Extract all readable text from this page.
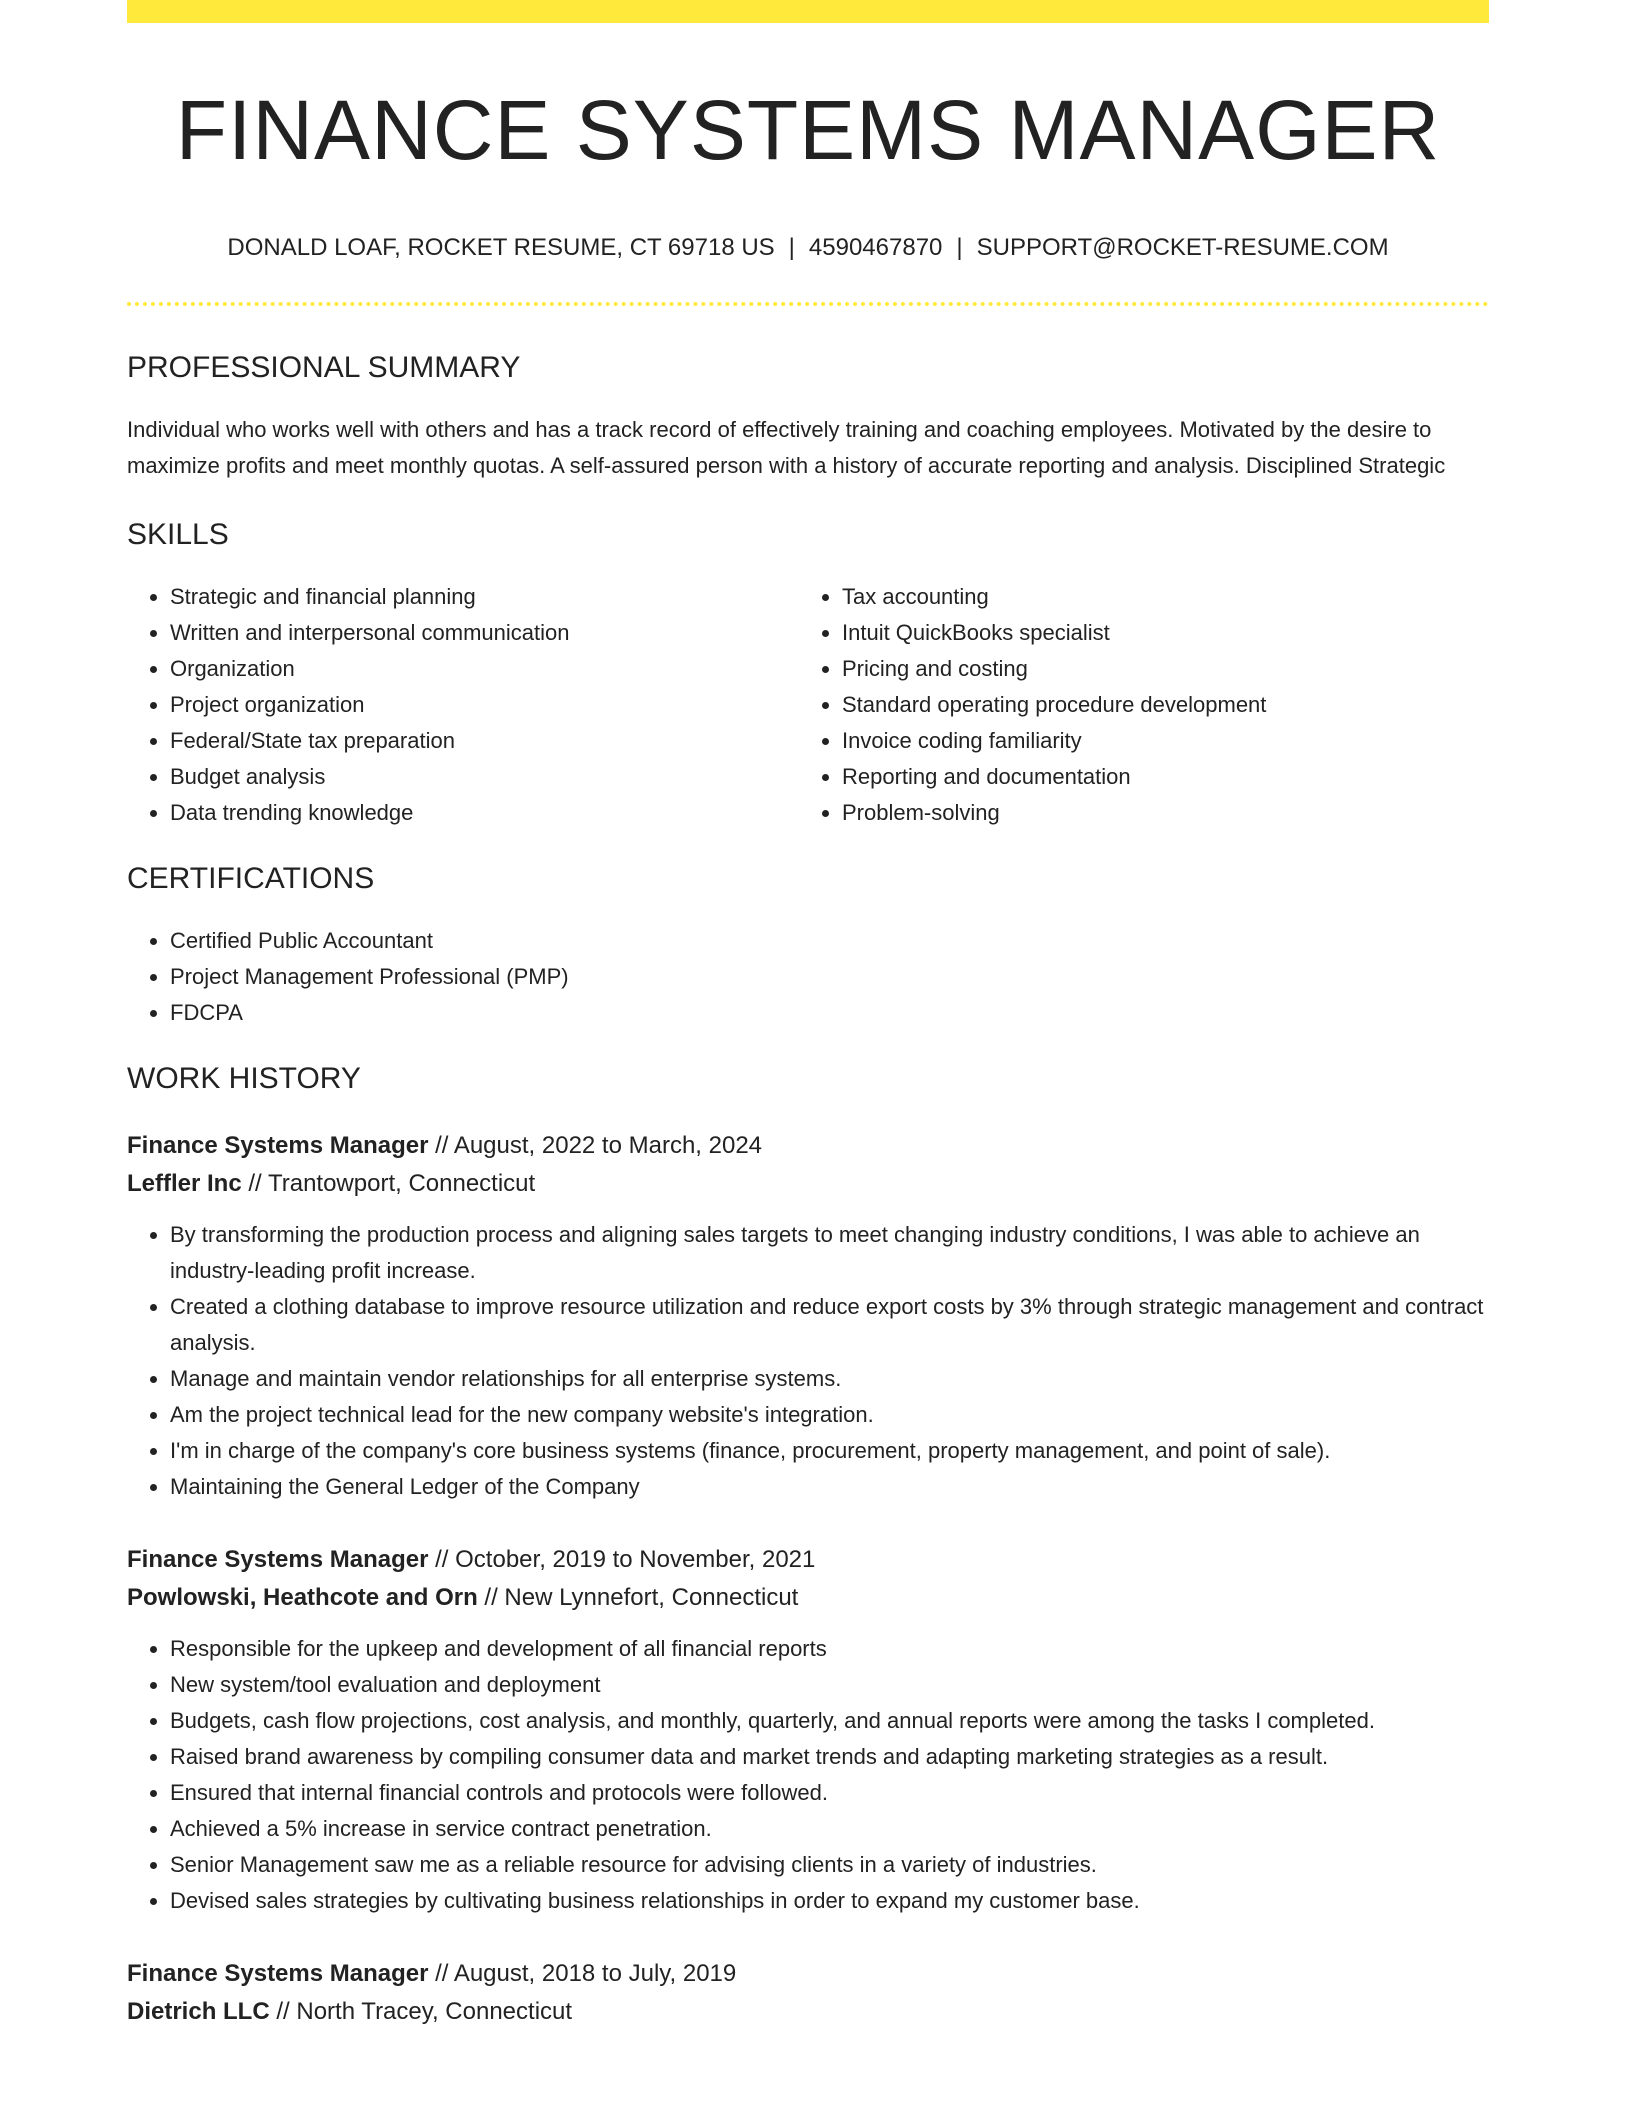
FINANCE SYSTEMS MANAGER
DONALD LOAF, ROCKET RESUME, CT 69718 US | 4590467870 | SUPPORT@ROCKET-RESUME.COM
PROFESSIONAL SUMMARY

Individual who works well with others and has a track record of effectively training and coaching employees. Motivated by the desire to maximize profits and meet monthly quotas. A self-assured person with a history of accurate reporting and analysis. Disciplined Strategic

SKILLS
• Strategic and financial planning
• Written and interpersonal communication
• Organization
• Project organization
• Federal/State tax preparation
• Budget analysis
• Data trending knowledge
• Tax accounting
• Intuit QuickBooks specialist
• Pricing and costing
• Standard operating procedure development
• Invoice coding familiarity
• Reporting and documentation
• Problem-solving
CERTIFICATIONS
• Certified Public Accountant
• Project Management Professional (PMP)
• FDCPA
WORK HISTORY
Finance Systems Manager // August, 2022 to March, 2024
Leffler Inc // Trantowport, Connecticut
• By transforming the production process and aligning sales targets to meet changing industry conditions, I was able to achieve an industry-leading profit increase.
• Created a clothing database to improve resource utilization and reduce export costs by 3% through strategic management and contract analysis.
• Manage and maintain vendor relationships for all enterprise systems.
• Am the project technical lead for the new company website's integration.
• I'm in charge of the company's core business systems (finance, procurement, property management, and point of sale).
• Maintaining the General Ledger of the Company
Finance Systems Manager // October, 2019 to November, 2021
Powlowski, Heathcote and Orn // New Lynnefort, Connecticut
• Responsible for the upkeep and development of all financial reports
• New system/tool evaluation and deployment
• Budgets, cash flow projections, cost analysis, and monthly, quarterly, and annual reports were among the tasks I completed.
• Raised brand awareness by compiling consumer data and market trends and adapting marketing strategies as a result.
• Ensured that internal financial controls and protocols were followed.
• Achieved a 5% increase in service contract penetration.
• Senior Management saw me as a reliable resource for advising clients in a variety of industries.
• Devised sales strategies by cultivating business relationships in order to expand my customer base.
Finance Systems Manager // August, 2018 to July, 2019
Dietrich LLC // North Tracey, Connecticut
